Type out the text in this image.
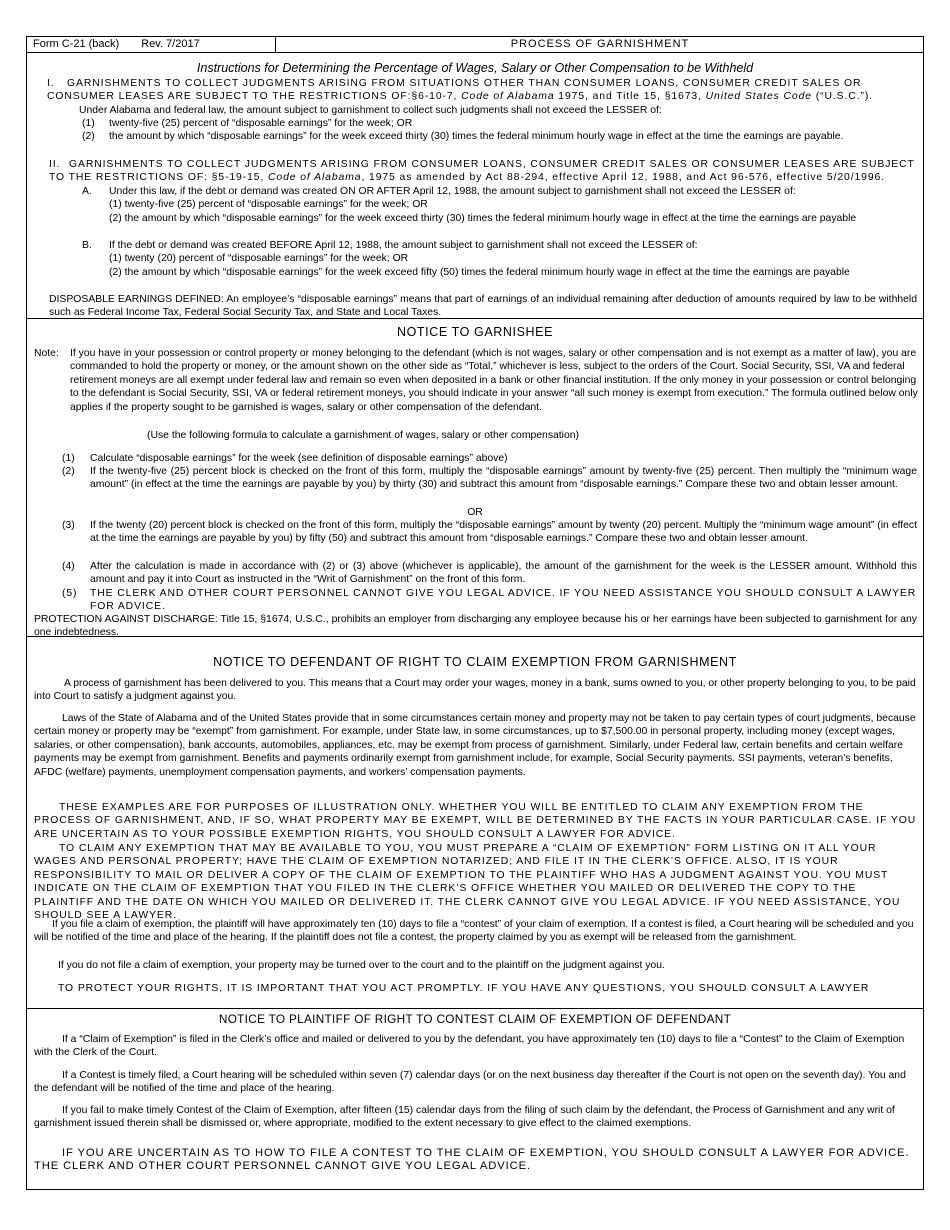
Form C-21 (back) Rev. 7/2017	PROCESS OF GARNISHMENT
Instructions for Determining the Percentage of Wages, Salary or Other Compensation to be Withheld
I. GARNISHMENTS TO COLLECT JUDGMENTS ARISING FROM SITUATIONS OTHER THAN CONSUMER LOANS, CONSUMER CREDIT SALES OR CONSUMER LEASES ARE SUBJECT TO THE RESTRICTIONS OF:§6-10-7, Code of Alabama 1975, and Title 15, §1673, United States Code (“U.S.C.”).
Under Alabama and federal law, the amount subject to garnishment to collect such judgments shall not exceed the LESSER of:
(1) twenty-five (25) percent of “disposable earnings” for the week; OR
(2) the amount by which “disposable earnings” for the week exceed thirty (30) times the federal minimum hourly wage in effect at the time the earnings are payable.
II. GARNISHMENTS TO COLLECT JUDGMENTS ARISING FROM CONSUMER LOANS, CONSUMER CREDIT SALES OR CONSUMER LEASES ARE SUBJECT TO THE RESTRICTIONS OF: §5-19-15, Code of Alabama, 1975 as amended by Act 88-294, effective April 12, 1988, and Act 96-576, effective 5/20/1996.
A. Under this law, if the debt or demand was created ON OR AFTER April 12, 1988, the amount subject to garnishment shall not exceed the LESSER of:
(1) twenty-five (25) percent of “disposable earnings” for the week; OR
(2) the amount by which “disposable earnings” for the week exceed thirty (30) times the federal minimum hourly wage in effect at the time the earnings are payable
B. If the debt or demand was created BEFORE April 12, 1988, the amount subject to garnishment shall not exceed the LESSER of:
(1) twenty (20) percent of “disposable earnings” for the week; OR
(2) the amount by which “disposable earnings” for the week exceed fifty (50) times the federal minimum hourly wage in effect at the time the earnings are payable
DISPOSABLE EARNINGS DEFINED: An employee’s “disposable earnings” means that part of earnings of an individual remaining after deduction of amounts required by law to be withheld such as Federal Income Tax, Federal Social Security Tax, and State and Local Taxes.
NOTICE TO GARNISHEE
Note: If you have in your possession or control property or money belonging to the defendant (which is not wages, salary or other compensation and is not exempt as a matter of law), you are commanded to hold the property or money, or the amount shown on the other side as “Total,” whichever is less, subject to the orders of the Court. Social Security, SSI, VA and federal retirement moneys are all exempt under federal law and remain so even when deposited in a bank or other financial institution. If the only money in your possession or control belonging to the defendant is Social Security, SSI, VA or federal retirement moneys, you should indicate in your answer “all such money is exempt from execution.” The formula outlined below only applies if the property sought to be garnished is wages, salary or other compensation of the defendant.
(Use the following formula to calculate a garnishment of wages, salary or other compensation)
(1) Calculate “disposable earnings” for the week (see definition of disposable earnings” above)
(2) If the twenty-five (25) percent block is checked on the front of this form, multiply the “disposable earnings” amount by twenty-five (25) percent. Then multiply the “minimum wage amount” (in effect at the time the earnings are payable by you) by thirty (30) and subtract this amount from “disposable earnings.” Compare these two and obtain lesser amount.
OR
(3) If the twenty (20) percent block is checked on the front of this form, multiply the “disposable earnings” amount by twenty (20) percent. Multiply the “minimum wage amount” (in effect at the time the earnings are payable by you) by fifty (50) and subtract this amount from “disposable earnings.” Compare these two and obtain lesser amount.
(4) After the calculation is made in accordance with (2) or (3) above (whichever is applicable), the amount of the garnishment for the week is the LESSER amount. Withhold this amount and pay it into Court as instructed in the “Writ of Garnishment” on the front of this form.
(5) THE CLERK AND OTHER COURT PERSONNEL CANNOT GIVE YOU LEGAL ADVICE. IF YOU NEED ASSISTANCE YOU SHOULD CONSULT A LAWYER FOR ADVICE.
PROTECTION AGAINST DISCHARGE: Title 15, §1674, U.S.C., prohibits an employer from discharging any employee because his or her earnings have been subjected to garnishment for any one indebtedness.
NOTICE TO DEFENDANT OF RIGHT TO CLAIM EXEMPTION FROM GARNISHMENT
A process of garnishment has been delivered to you. This means that a Court may order your wages, money in a bank, sums owned to you, or other property belonging to you, to be paid into Court to satisfy a judgment against you.
Laws of the State of Alabama and of the United States provide that in some circumstances certain money and property may not be taken to pay certain types of court judgments, because certain money or property may be “exempt” from garnishment. For example, under State law, in some circumstances, up to $7,500.00 in personal property, including money (except wages, salaries, or other compensation), bank accounts, automobiles, appliances, etc. may be exempt from process of garnishment. Similarly, under Federal law, certain benefits and certain welfare payments may be exempt from garnishment. Benefits and payments ordinarily exempt from garnishment include, for example, Social Security payments. SSI payments, veteran’s benefits, AFDC (welfare) payments, unemployment compensation payments, and workers’ compensation payments.
THESE EXAMPLES ARE FOR PURPOSES OF ILLUSTRATION ONLY. WHETHER YOU WILL BE ENTITLED TO CLAIM ANY EXEMPTION FROM THE PROCESS OF GARNISHMENT, AND, IF SO, WHAT PROPERTY MAY BE EXEMPT, WILL BE DETERMINED BY THE FACTS IN YOUR PARTICULAR CASE. IF YOU ARE UNCERTAIN AS TO YOUR POSSIBLE EXEMPTION RIGHTS, YOU SHOULD CONSULT A LAWYER FOR ADVICE.
TO CLAIM ANY EXEMPTION THAT MAY BE AVAILABLE TO YOU, YOU MUST PREPARE A “CLAIM OF EXEMPTION” FORM LISTING ON IT ALL YOUR WAGES AND PERSONAL PROPERTY; HAVE THE CLAIM OF EXEMPTION NOTARIZED; AND FILE IT IN THE CLERK’S OFFICE. ALSO, IT IS YOUR RESPONSIBILITY TO MAIL OR DELIVER A COPY OF THE CLAIM OF EXEMPTION TO THE PLAINTIFF WHO HAS A JUDGMENT AGAINST YOU. YOU MUST INDICATE ON THE CLAIM OF EXEMPTION THAT YOU FILED IN THE CLERK’S OFFICE WHETHER YOU MAILED OR DELIVERED THE COPY TO THE PLAINTIFF AND THE DATE ON WHICH YOU MAILED OR DELIVERED IT. THE CLERK CANNOT GIVE YOU LEGAL ADVICE. IF YOU NEED ASSISTANCE, YOU SHOULD SEE A LAWYER.
If you file a claim of exemption, the plaintiff will have approximately ten (10) days to file a “contest” of your claim of exemption. If a contest is filed, a Court hearing will be scheduled and you will be notified of the time and place of the hearing. If the plaintiff does not file a contest, the property claimed by you as exempt will be released from the garnishment.
If you do not file a claim of exemption, your property may be turned over to the court and to the plaintiff on the judgment against you.
TO PROTECT YOUR RIGHTS, IT IS IMPORTANT THAT YOU ACT PROMPTLY. IF YOU HAVE ANY QUESTIONS, YOU SHOULD CONSULT A LAWYER
NOTICE TO PLAINTIFF OF RIGHT TO CONTEST CLAIM OF EXEMPTION OF DEFENDANT
If a “Claim of Exemption” is filed in the Clerk’s office and mailed or delivered to you by the defendant, you have approximately ten (10) days to file a “Contest” to the Claim of Exemption with the Clerk of the Court.
If a Contest is timely filed, a Court hearing will be scheduled within seven (7) calendar days (or on the next business day thereafter if the Court is not open on the seventh day). You and the defendant will be notified of the time and place of the hearing.
If you fail to make timely Contest of the Claim of Exemption, after fifteen (15) calendar days from the filing of such claim by the defendant, the Process of Garnishment and any writ of garnishment issued therein shall be dismissed or, where appropriate, modified to the extent necessary to give effect to the claimed exemptions.
IF YOU ARE UNCERTAIN AS TO HOW TO FILE A CONTEST TO THE CLAIM OF EXEMPTION, YOU SHOULD CONSULT A LAWYER FOR ADVICE. THE CLERK AND OTHER COURT PERSONNEL CANNOT GIVE YOU LEGAL ADVICE.
